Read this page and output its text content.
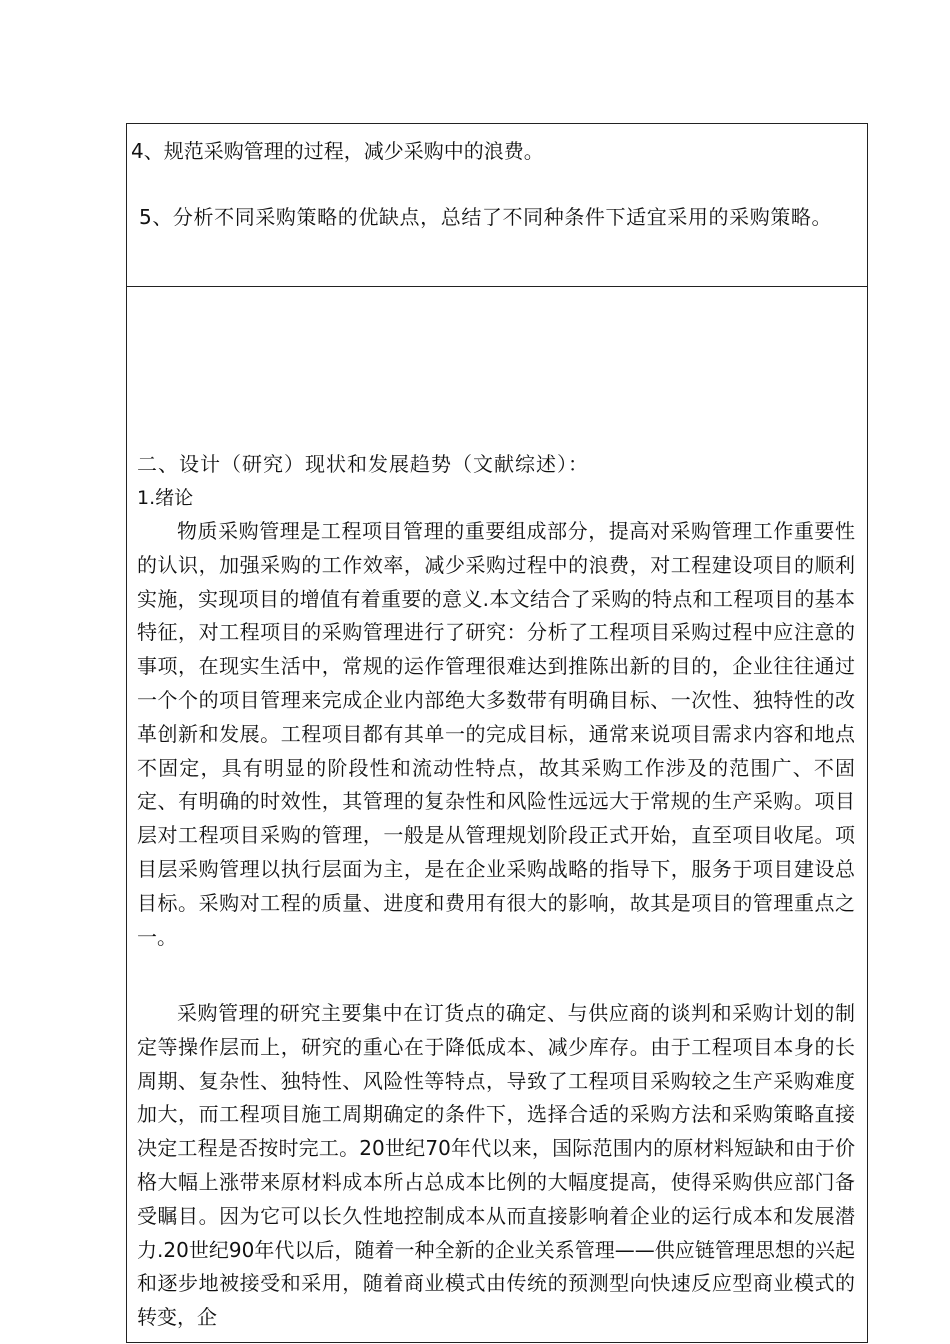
4、规范采购管理的过程，减少采购中的浪费。
5、分析不同采购策略的优缺点，总结了不同种条件下适宜采用的采购策略。
二、设计（研究）现状和发展趋势（文献综述）：
1.绪论

物质采购管理是工程项目管理的重要组成部分，提高对采购管理工作重要性的认识，加强采购的工作效率，减少采购过程中的浪费，对工程建设项目的顺利实施，实现项目的增值有着重要的意义.本文结合了采购的特点和工程项目的基本特征，对工程项目的采购管理进行了研究：分析了工程项目采购过程中应注意的事项，在现实生活中，常规的运作管理很难达到推陈出新的目的，企业往往通过一个个的项目管理来完成企业内部绝大多数带有明确目标、一次性、独特性的改革创新和发展。工程项目都有其单一的完成目标，通常来说项目需求内容和地点不固定，具有明显的阶段性和流动性特点，故其采购工作涉及的范围广、不固定、有明确的时效性，其管理的复杂性和风险性远远大于常规的生产采购。项目层对工程项目采购的管理，一般是从管理规划阶段正式开始，直至项目收尾。项目层采购管理以执行层面为主，是在企业采购战略的指导下，服务于项目建设总目标。采购对工程的质量、进度和费用有很大的影响，故其是项目的管理重点之一。

采购管理的研究主要集中在订货点的确定、与供应商的谈判和采购计划的制定等操作层而上，研究的重心在于降低成本、减少库存。由于工程项目本身的长周期、复杂性、独特性、风险性等特点，导致了工程项目采购较之生产采购难度加大，而工程项目施工周期确定的条件下，选择合适的采购方法和采购策略直接决定工程是否按时完工。20世纪70年代以来，国际范围内的原材料短缺和由于价格大幅上涨带来原材料成本所占总成本比例的大幅度提高，使得采购供应部门备受瞩目。因为它可以长久性地控制成本从而直接影响着企业的运行成本和发展潜力.20世纪90年代以后，随着一种全新的企业关系管理——供应链管理思想的兴起和逐步地被接受和采用，随着商业模式由传统的预测型向快速反应型商业模式的转变，企
